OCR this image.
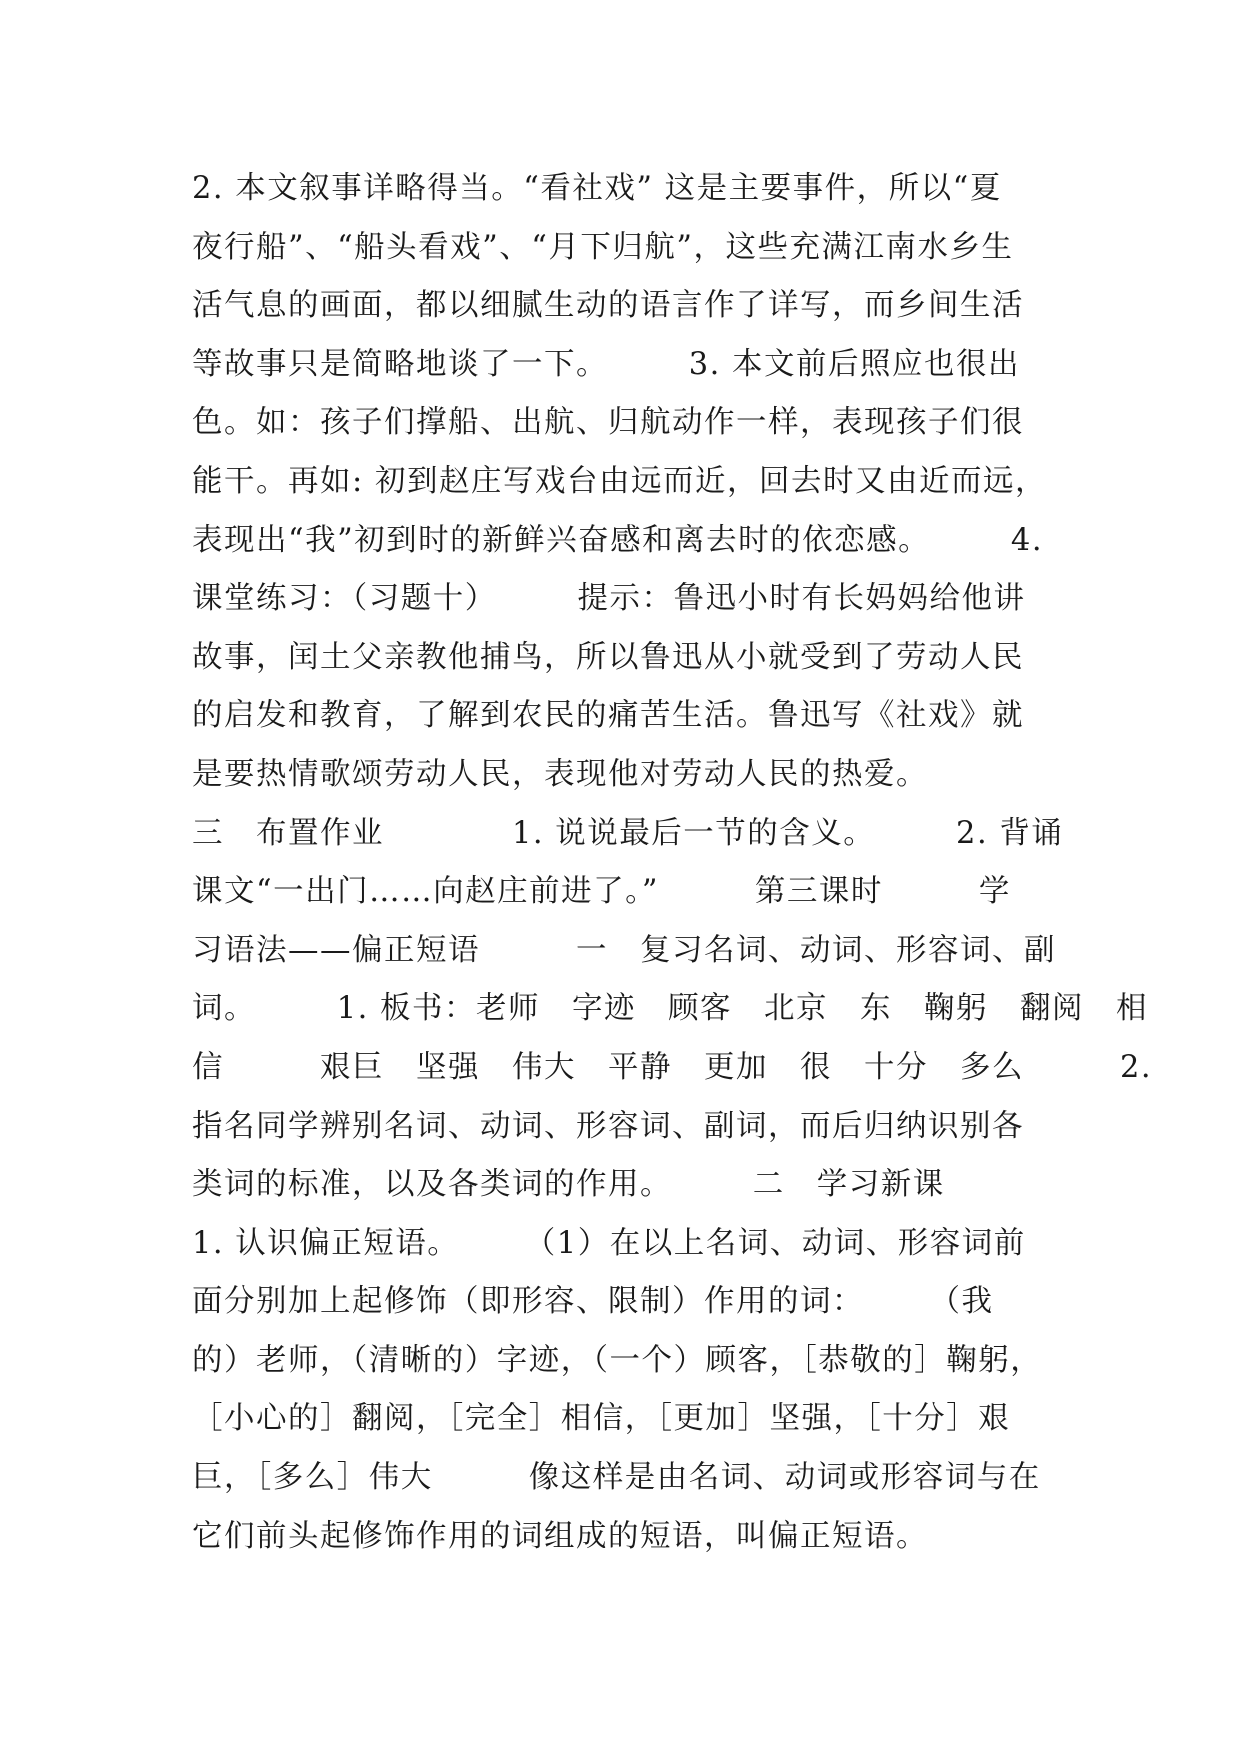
2. 本文叙事详略得当。“看社戏” 这是主要事件，所以“夏
夜行船”、“船头看戏”、“月下归航”，这些充满江南水乡生
活气息的画面，都以细腻生动的语言作了详写，而乡间生活
等故事只是简略地谈了一下。　　　3. 本文前后照应也很出
色。如：孩子们撑船、出航、归航动作一样，表现孩子们很
能干。再如: 初到赵庄写戏台由远而近，回去时又由近而远，
表现出“我”初到时的新鲜兴奋感和离去时的依恋感。　　　4.
课堂练习：（习题十）　　　提示：鲁迅小时有长妈妈给他讲
故事，闰土父亲教他捕鸟，所以鲁迅从小就受到了劳动人民
的启发和教育，了解到农民的痛苦生活。鲁迅写《社戏》就
是要热情歌颂劳动人民，表现他对劳动人民的热爱。
三　布置作业　　　　1. 说说最后一节的含义。　　　2. 背诵
课文“一出门……向赵庄前进了。”　　　第三课时　　　学
习语法——偏正短语　　　一　复习名词、动词、形容词、副
词。　　　1. 板书：老师　字迹　顾客　北京　东　鞠躬　翻阅　相
信　　　艰巨　坚强　伟大　平静　更加　很　十分　多么　　　2.
指名同学辨别名词、动词、形容词、副词，而后归纳识别各
类词的标准，以及各类词的作用。　　　二　学习新课
1. 认识偏正短语。　　　（1）在以上名词、动词、形容词前
面分别加上起修饰（即形容、限制）作用的词：　　　（我
的）老师，（清晰的）字迹，（一个）顾客，［恭敬的］鞠躬，
［小心的］翻阅，［完全］相信，［更加］坚强，［十分］艰
巨，［多么］伟大　　　像这样是由名词、动词或形容词与在
它们前头起修饰作用的词组成的短语，叫偏正短语。
